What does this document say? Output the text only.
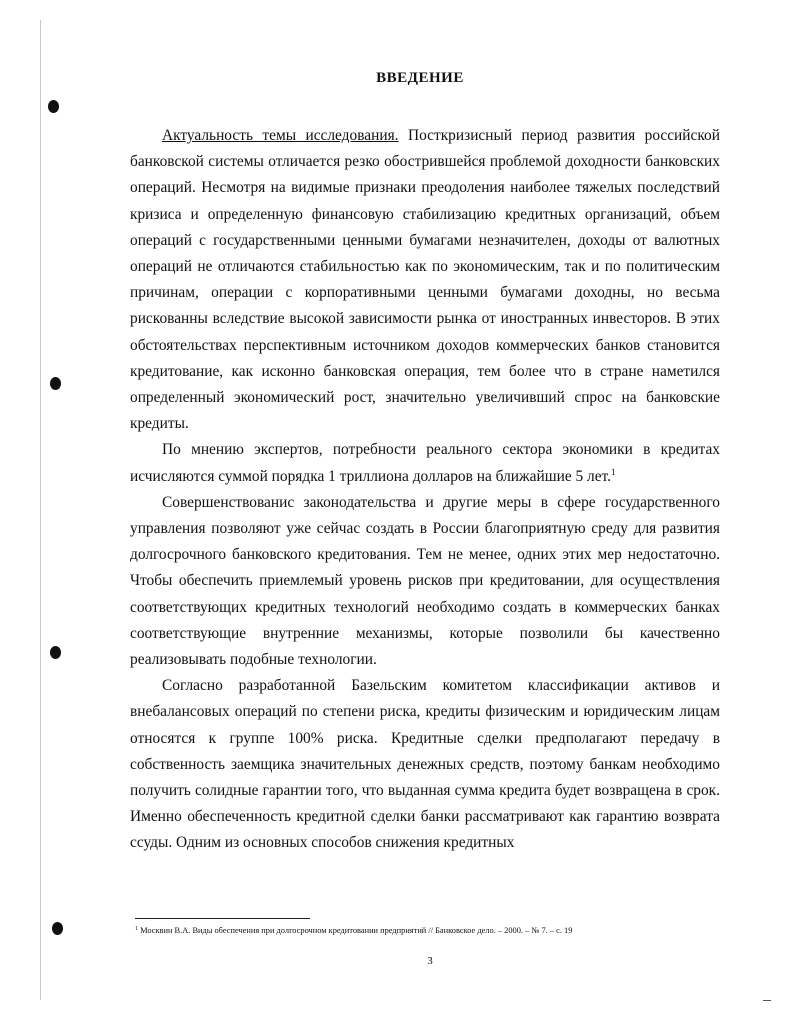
ВВЕДЕНИЕ

Актуальность темы исследования. Посткризисный период развития российской банковской системы отличается резко обострившейся проблемой доходности банковских операций. Несмотря на видимые признаки преодоления наиболее тяжелых последствий кризиса и определенную финансовую стабилизацию кредитных организаций, объем операций с государственными ценными бумагами незначителен, доходы от валютных операций не отличаются стабильностью как по экономическим, так и по политическим причинам, операции с корпоративными ценными бумагами доходны, но весьма рискованны вследствие высокой зависимости рынка от иностранных инвесторов. В этих обстоятельствах перспективным источником доходов коммерческих банков становится кредитование, как исконно банковская операция, тем более что в стране наметился определенный экономический рост, значительно увеличивший спрос на банковские кредиты.

По мнению экспертов, потребности реального сектора экономики в кредитах исчисляются суммой порядка 1 триллиона долларов на ближайшие 5 лет.$^1$

Совершенствованис законодательства и другие меры в сфере государственного управления позволяют уже сейчас создать в России благоприятную среду для развития долгосрочного банковского кредитования. Тем не менее, одних этих мер недостаточно. Чтобы обеспечить приемлемый уровень рисков при кредитовании, для осуществления соответствующих кредитных технологий необходимо создать в коммерческих банках соответствующие внутренние механизмы, которые позволили бы качественно реализовывать подобные технологии.

Согласно разработанной Базельским комитетом классификации активов и внебалансовых операций по степени риска, кредиты физическим и юридическим лицам относятся к группе 100% риска. Кредитные сделки предполагают передачу в собственность заемщика значительных денежных средств, поэтому банкам необходимо получить солидные гарантии того, что выданная сумма кредита будет возвращена в срок. Именно обеспеченность кредитной сделки банки рассматривают как гарантию возврата ссуды. Одним из основных способов снижения кредитных

$^1$ Москвин В.А. Виды обеспечения при долгосрочном кредитовании предприятий // Банковское дело. – 2000. – № 7. – с. 19
3
